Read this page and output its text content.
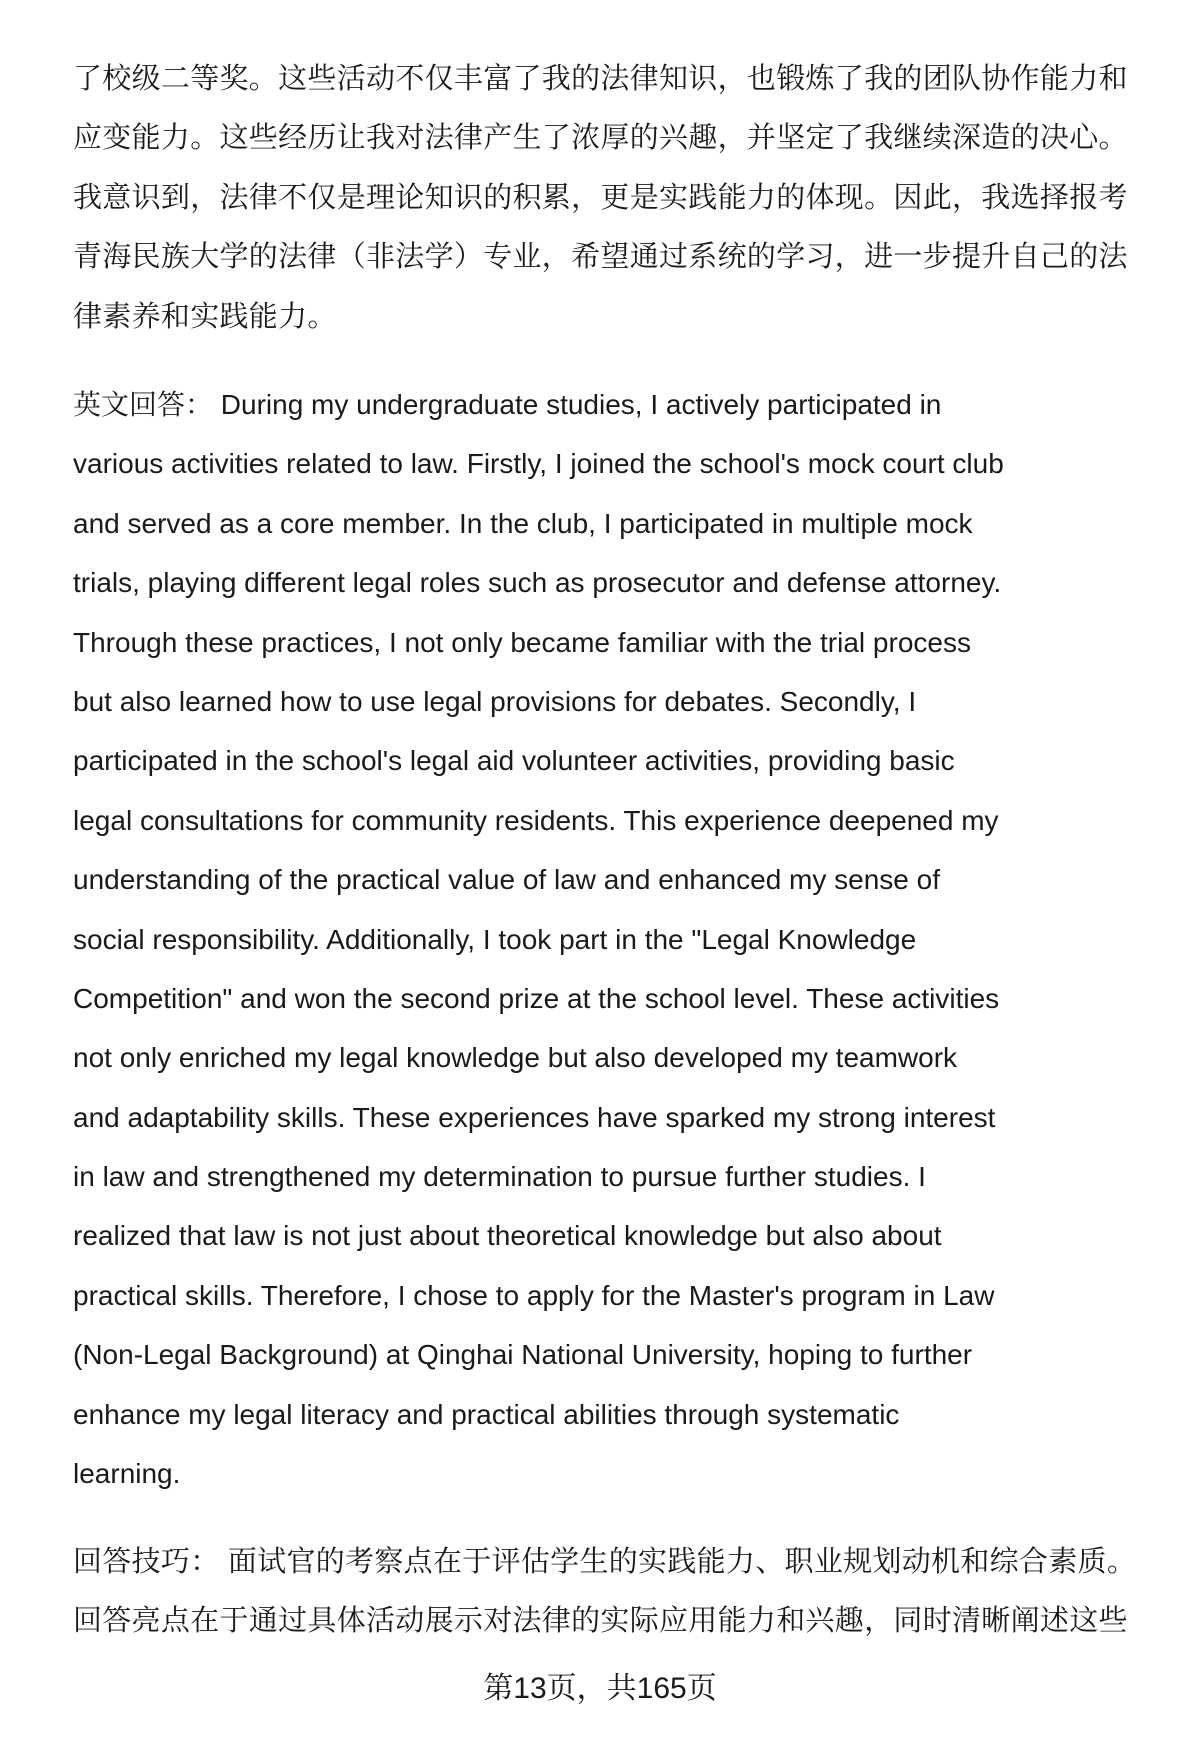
了校级二等奖。这些活动不仅丰富了我的法律知识，也锻炼了我的团队协作能力和
应变能力。这些经历让我对法律产生了浓厚的兴趣，并坚定了我继续深造的决心。
我意识到，法律不仅是理论知识的积累，更是实践能力的体现。因此，我选择报考
青海民族大学的法律（非法学）专业，希望通过系统的学习，进一步提升自己的法
律素养和实践能力。
英文回答： During my undergraduate studies, I actively participated in
various activities related to law. Firstly, I joined the school's mock court club
and served as a core member. In the club, I participated in multiple mock
trials, playing different legal roles such as prosecutor and defense attorney.
Through these practices, I not only became familiar with the trial process
but also learned how to use legal provisions for debates. Secondly, I
participated in the school's legal aid volunteer activities, providing basic
legal consultations for community residents. This experience deepened my
understanding of the practical value of law and enhanced my sense of
social responsibility. Additionally, I took part in the "Legal Knowledge
Competition" and won the second prize at the school level. These activities
not only enriched my legal knowledge but also developed my teamwork
and adaptability skills. These experiences have sparked my strong interest
in law and strengthened my determination to pursue further studies. I
realized that law is not just about theoretical knowledge but also about
practical skills. Therefore, I chose to apply for the Master's program in Law
(Non-Legal Background) at Qinghai National University, hoping to further
enhance my legal literacy and practical abilities through systematic
learning.
回答技巧： 面试官的考察点在于评估学生的实践能力、职业规划动机和综合素质。
回答亮点在于通过具体活动展示对法律的实际应用能力和兴趣，同时清晰阐述这些
第13页，共165页
